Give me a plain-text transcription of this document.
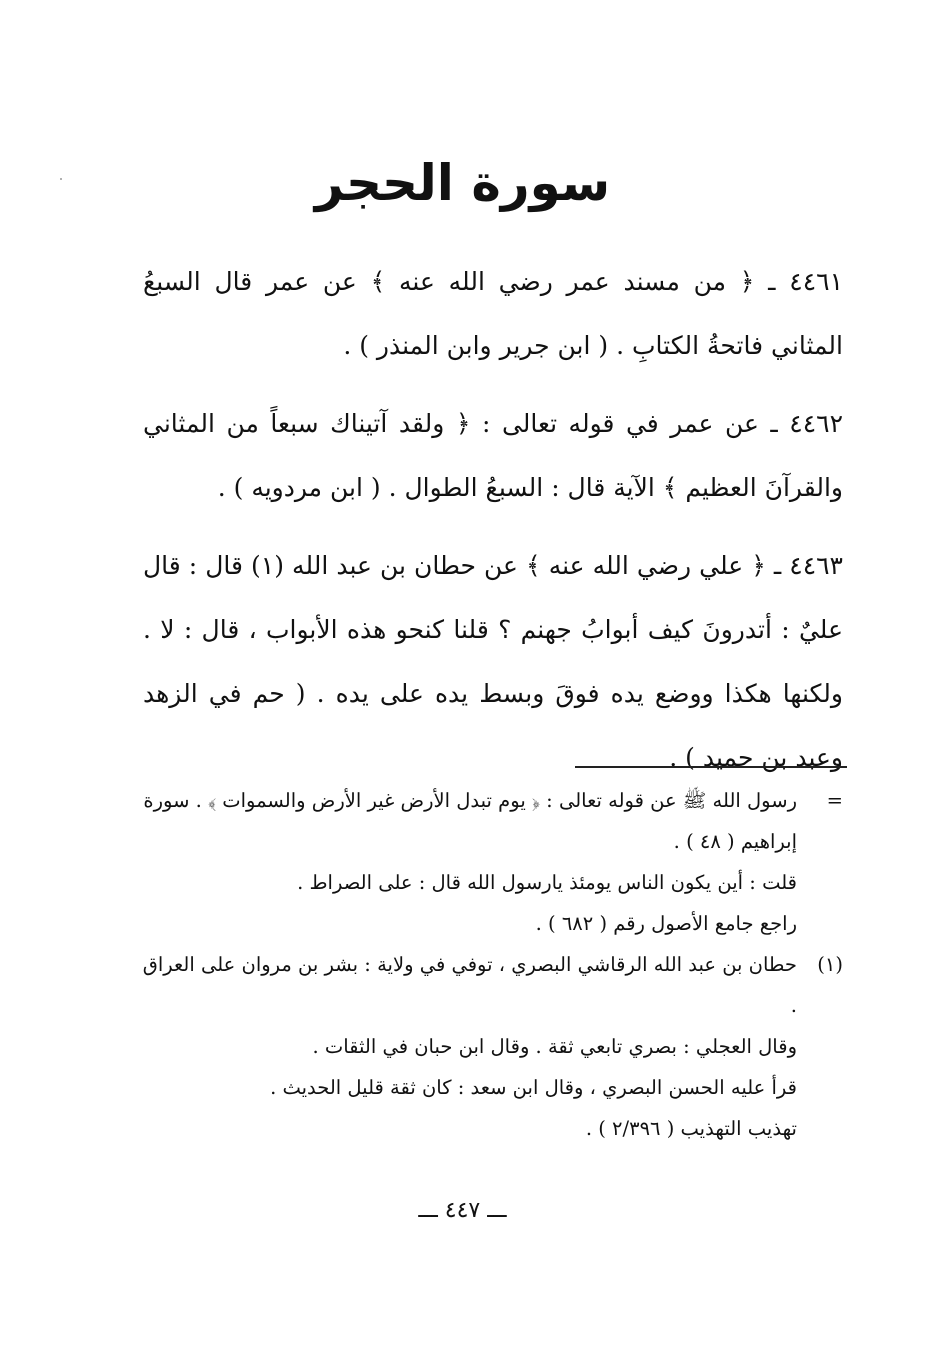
سورة الحجر

٤٤٦١ ـ ﴿ من مسند عمر رضي الله عنه ﴾ عن عمر قال السبعُ المثاني فاتحةُ الكتابِ . ( ابن جرير وابن المنذر ) .

٤٤٦٢ ـ عن عمر في قوله تعالى : ﴿ ولقد آتيناك سبعاً من المثاني والقرآنَ العظيم ﴾ الآية قال : السبعُ الطوال . ( ابن مردويه ) .

٤٤٦٣ ـ ﴿ علي رضي الله عنه ﴾ عن حطان بن عبد الله (١) قال : قال عليٌ : أتدرونَ كيف أبوابُ جهنم ؟ قلنا كنحو هذه الأبواب ، قال : لا . ولكنها هكذا ووضع يده فوقَ وبسط يده على يده . ( حم في الزهد وعبد بن حميد ) .

=

رسول الله ﷺ عن قوله تعالى : ﴿ يوم تبدل الأرض غير الأرض والسموات ﴾ . سورة إبراهيم ( ٤٨ ) .

قلت : أين يكون الناس يومئذ يارسول الله قال : على الصراط .

راجع جامع الأصول رقم ( ٦٨٢ ) .

(١)

حطان بن عبد الله الرقاشي البصري ، توفي في ولاية : بشر بن مروان على العراق .

وقال العجلي : بصري تابعي ثقة . وقال ابن حبان في الثقات .

قرأ عليه الحسن البصري ، وقال ابن سعد : كان ثقة قليل الحديث .

تهذيب التهذيب ( ٢/٣٩٦ ) .

ـــ ٤٤٧ ـــ
